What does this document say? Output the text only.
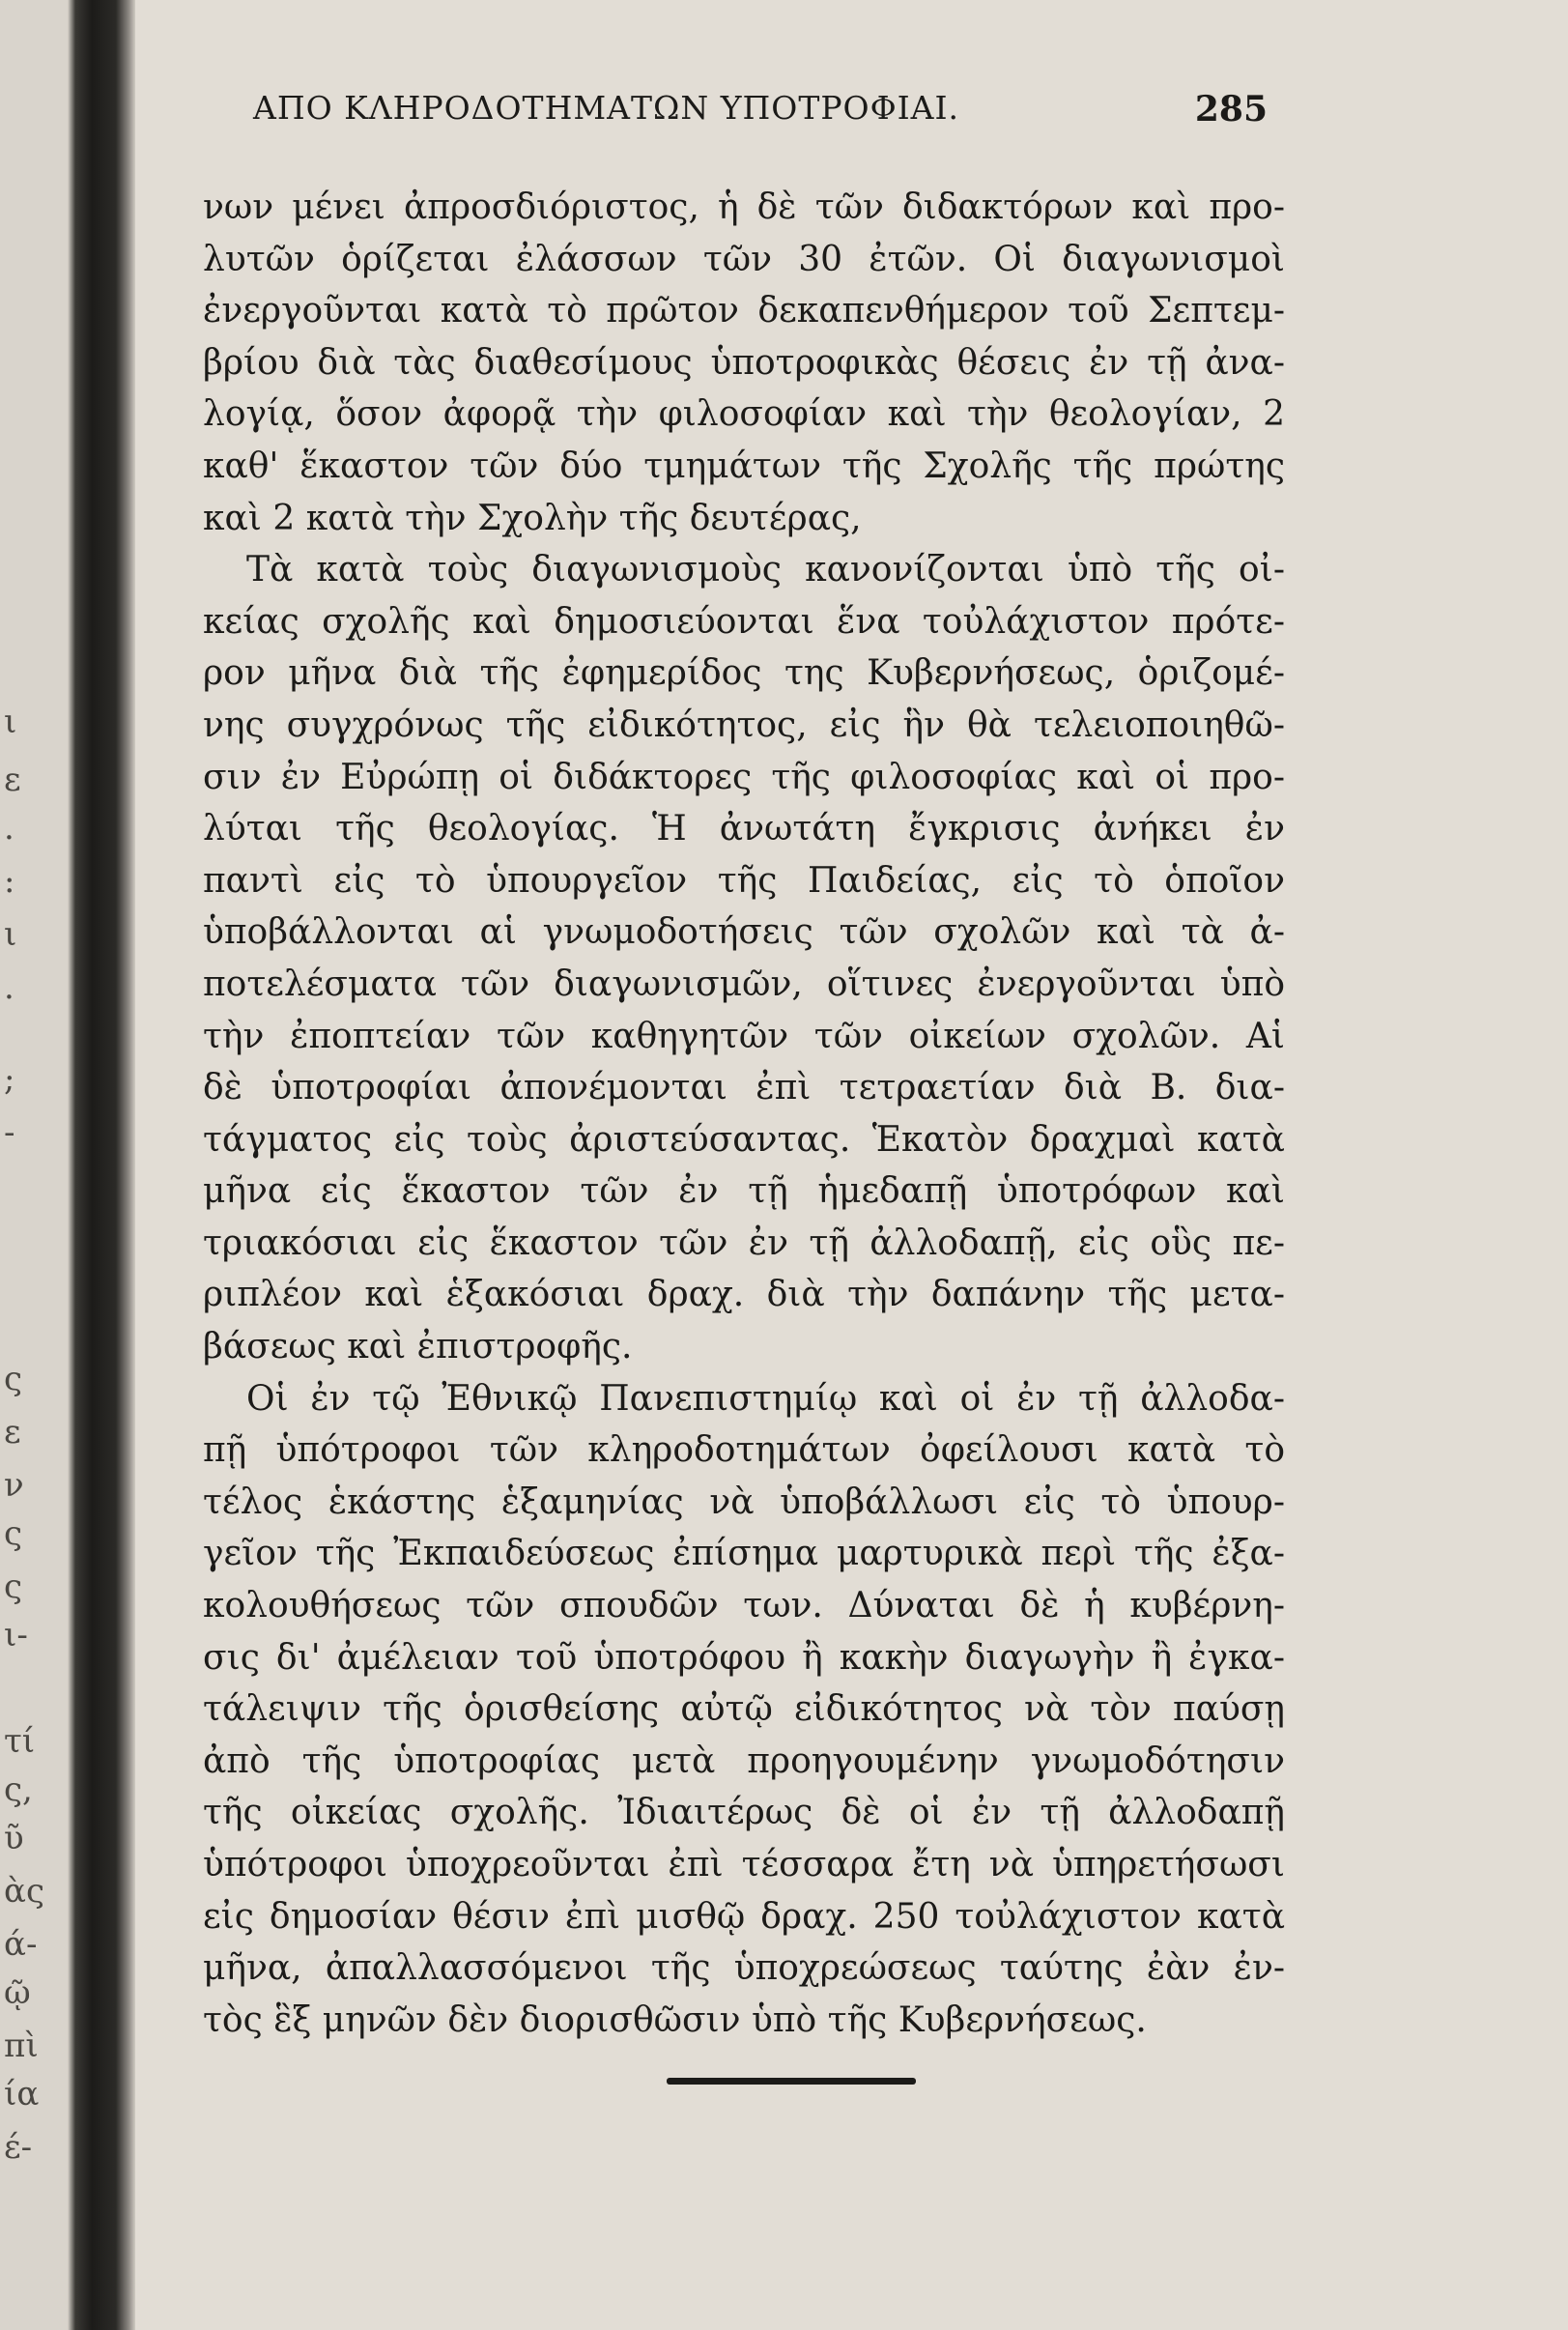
ι
ε
.
:
ι
.
;
-
ς
ε
ν
ς
ς
ι-
τί
ς,
ῦ
ὰς
ά-
ῷ
πὶ
ία
έ-
ΑΠΟ ΚΛΗΡΟΔΟΤΗΜΑΤΩΝ ΥΠΟΤΡΟΦΙΑΙ.	285
νων μένει ἀπροσδιόριστος, ἡ δὲ τῶν διδακτόρων καὶ προ-
λυτῶν ὁρίζεται ἐλάσσων τῶν 30 ἐτῶν. Οἱ διαγωνισμοὶ
ἐνεργοῦνται κατὰ τὸ πρῶτον δεκαπενθήμερον τοῦ Σεπτεμ-
βρίου διὰ τὰς διαθεσίμους ὑποτροφικὰς θέσεις ἐν τῇ ἀνα-
λογίᾳ, ὅσον ἀφορᾷ τὴν φιλοσοφίαν καὶ τὴν θεολογίαν, 2
καθ' ἕκαστον τῶν δύο τμημάτων τῆς Σχολῆς τῆς πρώτης
καὶ 2 κατὰ τὴν Σχολὴν τῆς δευτέρας,
Τὰ κατὰ τοὺς διαγωνισμοὺς κανονίζονται ὑπὸ τῆς οἰ-
κείας σχολῆς καὶ δημοσιεύονται ἕνα τοὐλάχιστον πρότε-
ρον μῆνα διὰ τῆς ἐφημερίδος της Κυβερνήσεως, ὁριζομέ-
νης συγχρόνως τῆς εἰδικότητος, εἰς ἣν θὰ τελειοποιηθῶ-
σιν ἐν Εὐρώπῃ οἱ διδάκτορες τῆς φιλοσοφίας καὶ οἱ προ-
λύται τῆς θεολογίας. Ἡ ἀνωτάτη ἔγκρισις ἀνήκει ἐν
παντὶ εἰς τὸ ὑπουργεῖον τῆς Παιδείας, εἰς τὸ ὁποῖον
ὑποβάλλονται αἱ γνωμοδοτήσεις τῶν σχολῶν καὶ τὰ ἀ-
ποτελέσματα τῶν διαγωνισμῶν, οἵτινες ἐνεργοῦνται ὑπὸ
τὴν ἐποπτείαν τῶν καθηγητῶν τῶν οἰκείων σχολῶν. Αἱ
δὲ ὑποτροφίαι ἀπονέμονται ἐπὶ τετραετίαν διὰ Β. δια-
τάγματος εἰς τοὺς ἀριστεύσαντας. Ἑκατὸν δραχμαὶ κατὰ
μῆνα εἰς ἕκαστον τῶν ἐν τῇ ἡμεδαπῇ ὑποτρόφων καὶ
τριακόσιαι εἰς ἕκαστον τῶν ἐν τῇ ἀλλοδαπῇ, εἰς οὓς πε-
ριπλέον καὶ ἑξακόσιαι δραχ. διὰ τὴν δαπάνην τῆς μετα-
βάσεως καὶ ἐπιστροφῆς.
Οἱ ἐν τῷ Ἐθνικῷ Πανεπιστημίῳ καὶ οἱ ἐν τῇ ἀλλοδα-
πῇ ὑπότροφοι τῶν κληροδοτημάτων ὀφείλουσι κατὰ τὸ
τέλος ἑκάστης ἑξαμηνίας νὰ ὑποβάλλωσι εἰς τὸ ὑπουρ-
γεῖον τῆς Ἐκπαιδεύσεως ἐπίσημα μαρτυρικὰ περὶ τῆς ἐξα-
κολουθήσεως τῶν σπουδῶν των. Δύναται δὲ ἡ κυβέρνη-
σις δι' ἀμέλειαν τοῦ ὑποτρόφου ἢ κακὴν διαγωγὴν ἢ ἐγκα-
τάλειψιν τῆς ὁρισθείσης αὐτῷ εἰδικότητος νὰ τὸν παύσῃ
ἀπὸ τῆς ὑποτροφίας μετὰ προηγουμένην γνωμοδότησιν
τῆς οἰκείας σχολῆς. Ἰδιαιτέρως δὲ οἱ ἐν τῇ ἀλλοδαπῇ
ὑπότροφοι ὑποχρεοῦνται ἐπὶ τέσσαρα ἔτη νὰ ὑπηρετήσωσι
εἰς δημοσίαν θέσιν ἐπὶ μισθῷ δραχ. 250 τοὐλάχιστον κατὰ
μῆνα, ἀπαλλασσόμενοι τῆς ὑποχρεώσεως ταύτης ἐὰν ἐν-
τὸς ἓξ μηνῶν δὲν διορισθῶσιν ὑπὸ τῆς Κυβερνήσεως.
